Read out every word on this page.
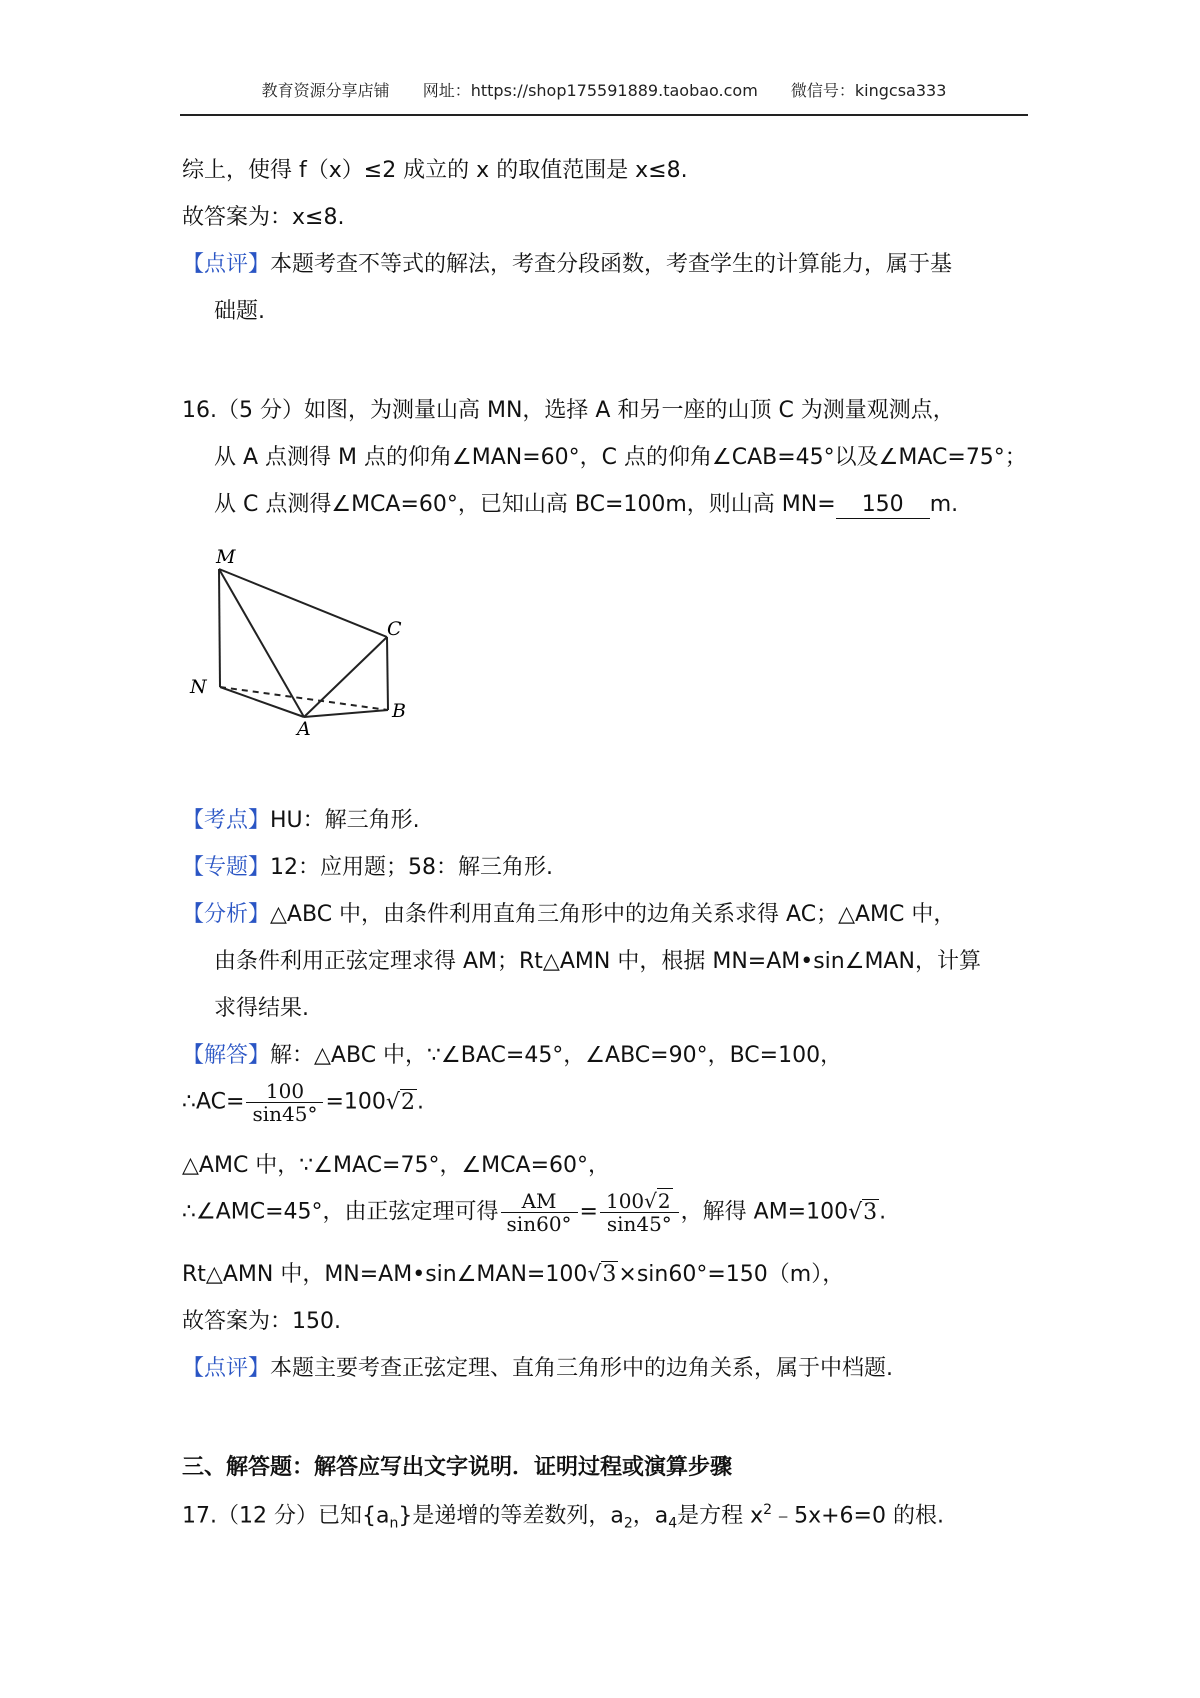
教育资源分享店铺 网址：https://shop175591889.taobao.com 微信号：kingcsa333
综上，使得 f（x）≤2 成立的 x 的取值范围是 x≤8.
故答案为：x≤8.
【点评】本题考查不等式的解法，考查分段函数，考查学生的计算能力，属于基
础题.
16.（5 分）如图，为测量山高 MN，选择 A 和另一座的山顶 C 为测量观测点，
从 A 点测得 M 点的仰角∠MAN=60°，C 点的仰角∠CAB=45°以及∠MAC=75°；
从 C 点测得∠MCA=60°，已知山高 BC=100m，则山高 MN= 150 m.
M
C
N
A
B
【考点】HU：解三角形.
【专题】12：应用题；58：解三角形.
【分析】△ABC 中，由条件利用直角三角形中的边角关系求得 AC；△AMC 中，
由条件利用正弦定理求得 AM；Rt△AMN 中，根据 MN=AM•sin∠MAN，计算
求得结果.
【解答】解：△ABC 中，∵∠BAC=45°，∠ABC=90°，BC=100，
∴AC= $\frac{100}{\sin 45^\circ} =100√2$.
△AMC 中，∵∠MAC=75°，∠MCA=60°，
∴∠AMC=45°，由正弦定理可得 $\frac{AM}{\sin 60^\circ} = \frac{100√2}{\sin 45^\circ}$ ，解得 AM=100√3.
Rt△AMN 中，MN=AM•sin∠MAN=100√3×sin60°=150（m），
故答案为：150.
【点评】本题主要考查正弦定理、直角三角形中的边角关系，属于中档题.
三、解答题：解答应写出文字说明．证明过程或演算步骤
17.（12 分）已知$\{a_n\}$是递增的等差数列，$a_2$，$a_4$是方程 $x^2﹣5x+6=0$ 的根.
